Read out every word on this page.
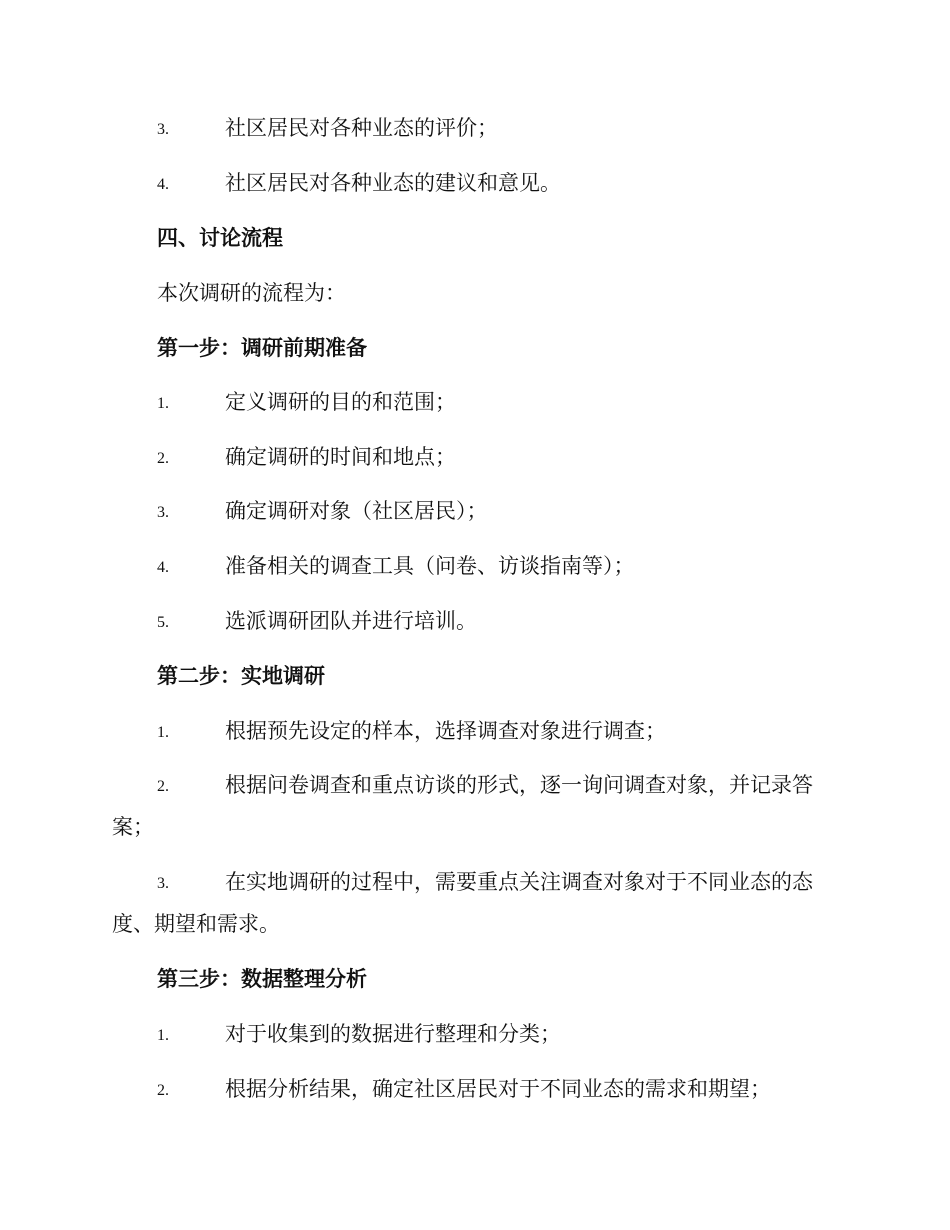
3.	社区居民对各种业态的评价；
4.	社区居民对各种业态的建议和意见。
四、讨论流程
本次调研的流程为：
第一步：调研前期准备
1.	定义调研的目的和范围；
2.	确定调研的时间和地点；
3.	确定调研对象（社区居民）；
4.	准备相关的调查工具（问卷、访谈指南等）；
5.	选派调研团队并进行培训。
第二步：实地调研
1.	根据预先设定的样本，选择调查对象进行调查；
2.	根据问卷调查和重点访谈的形式，逐一询问调查对象，并记录答
案；
3.	在实地调研的过程中，需要重点关注调查对象对于不同业态的态
度、期望和需求。
第三步：数据整理分析
1.	对于收集到的数据进行整理和分类；
2.	根据分析结果，确定社区居民对于不同业态的需求和期望；
